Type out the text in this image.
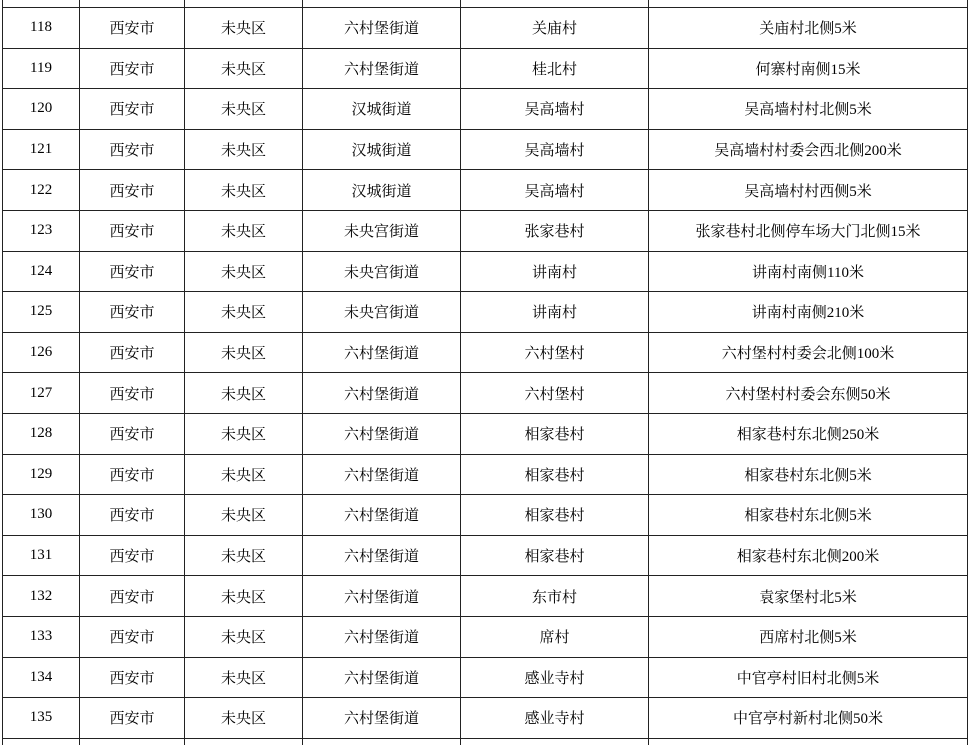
118	西安市	未央区	六村堡街道	关庙村	关庙村北侧5米
119	西安市	未央区	六村堡街道	桂北村	何寨村南侧15米
120	西安市	未央区	汉城街道	吴高墙村	吴高墙村村北侧5米
121	西安市	未央区	汉城街道	吴高墙村	吴高墙村村委会西北侧200米
122	西安市	未央区	汉城街道	吴高墙村	吴高墙村村西侧5米
123	西安市	未央区	未央宫街道	张家巷村	张家巷村北侧停车场大门北侧15米
124	西安市	未央区	未央宫街道	讲南村	讲南村南侧110米
125	西安市	未央区	未央宫街道	讲南村	讲南村南侧210米
126	西安市	未央区	六村堡街道	六村堡村	六村堡村村委会北侧100米
127	西安市	未央区	六村堡街道	六村堡村	六村堡村村委会东侧50米
128	西安市	未央区	六村堡街道	相家巷村	相家巷村东北侧250米
129	西安市	未央区	六村堡街道	相家巷村	相家巷村东北侧5米
130	西安市	未央区	六村堡街道	相家巷村	相家巷村东北侧5米
131	西安市	未央区	六村堡街道	相家巷村	相家巷村东北侧200米
132	西安市	未央区	六村堡街道	东市村	袁家堡村北5米
133	西安市	未央区	六村堡街道	席村	西席村北侧5米
134	西安市	未央区	六村堡街道	感业寺村	中官亭村旧村北侧5米
135	西安市	未央区	六村堡街道	感业寺村	中官亭村新村北侧50米
